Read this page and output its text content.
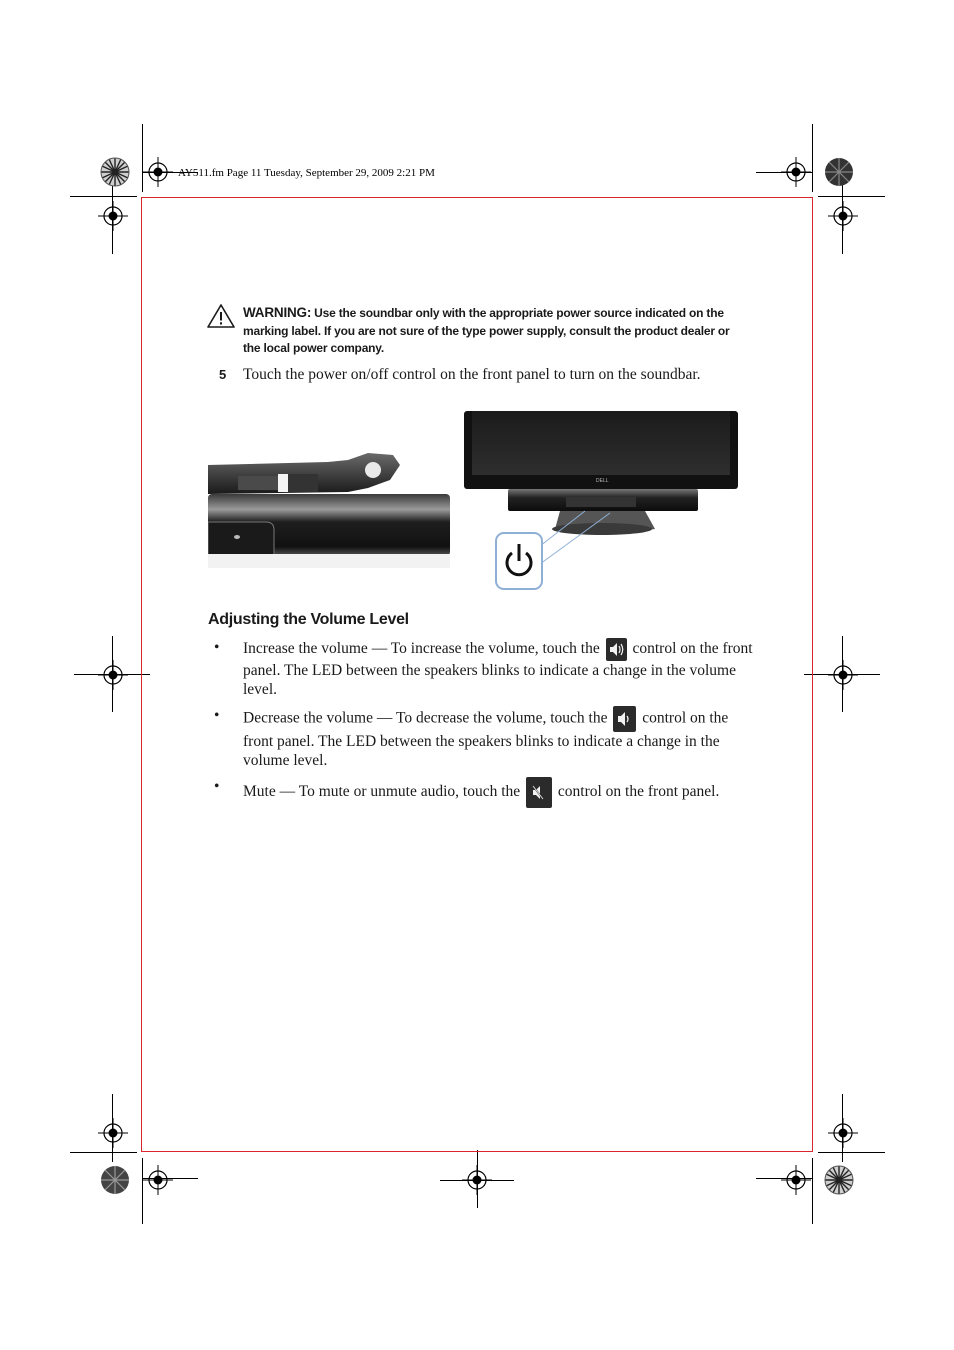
AY511.fm Page 11 Tuesday, September 29, 2009 2:21 PM
WARNING: Use the soundbar only with the appropriate power source indicated on the marking label. If you are not sure of the type power supply, consult the product dealer or the local power company.
5 Touch the power on/off control on the front panel to turn on the soundbar.
DELL
Adjusting the Volume Level
• Increase the volume — To increase the volume, touch the  control on the front panel. The LED between the speakers blinks to indicate a change in the volume level.
• Decrease the volume — To decrease the volume, touch the  control on the front panel. The LED between the speakers blinks to indicate a change in the volume level.
• Mute — To mute or unmute audio, touch the  control on the front panel.
